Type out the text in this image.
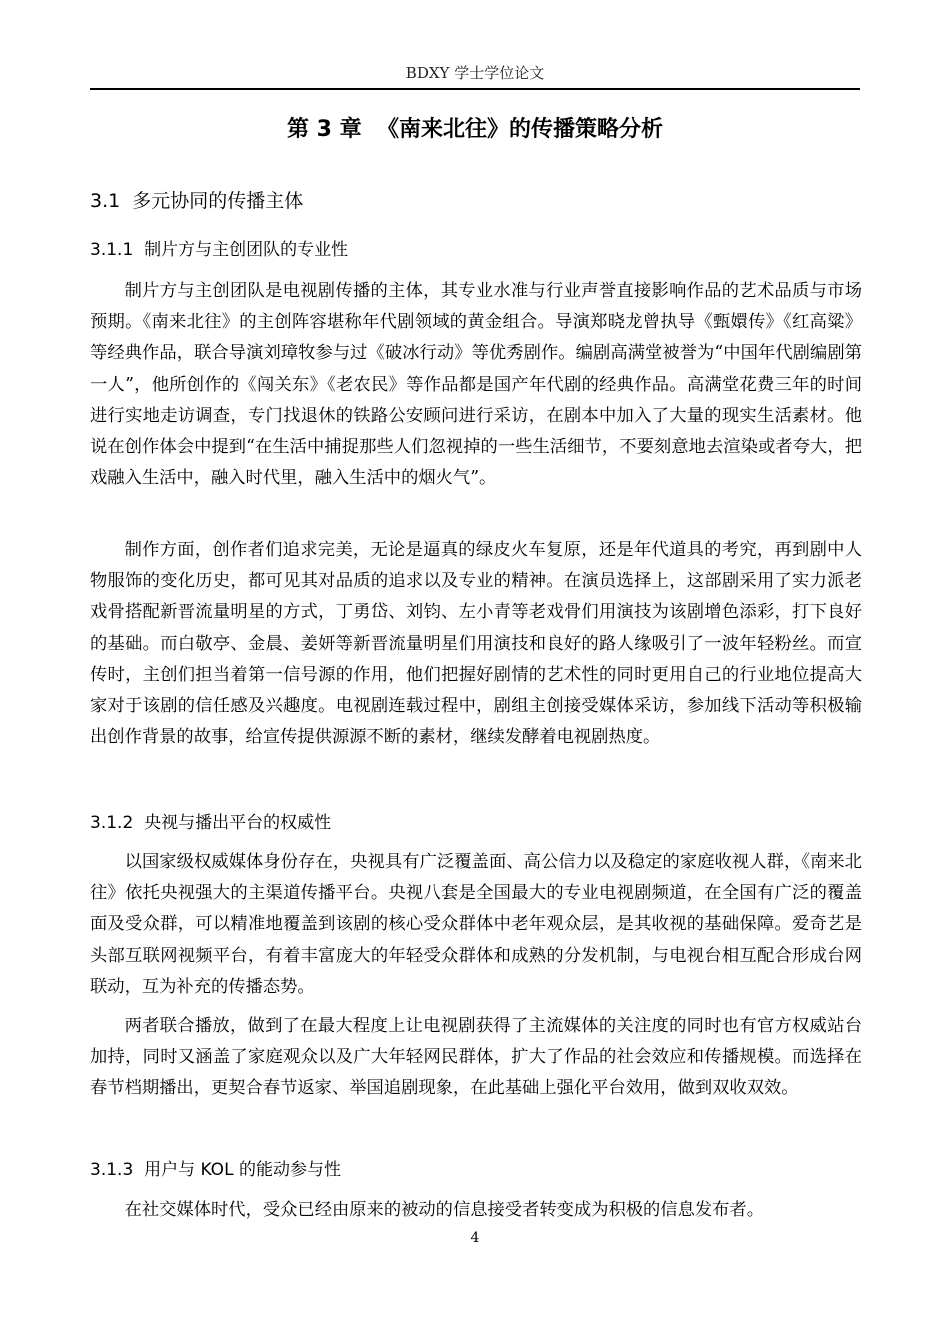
BDXY 学士学位论文
第 3 章  《南来北往》的传播策略分析
3.1  多元协同的传播主体
3.1.1  制片方与主创团队的专业性

制片方与主创团队是电视剧传播的主体，其专业水准与行业声誉直接影响作品的艺术品质与市场预期。《南来北往》的主创阵容堪称年代剧领域的黄金组合。导演郑晓龙曾执导《甄嬛传》《红高粱》等经典作品，联合导演刘璋牧参与过《破冰行动》等优秀剧作。编剧高满堂被誉为“中国年代剧编剧第一人”，他所创作的《闯关东》《老农民》等作品都是国产年代剧的经典作品。高满堂花费三年的时间进行实地走访调查，专门找退休的铁路公安顾问进行采访，在剧本中加入了大量的现实生活素材。他说在创作体会中提到“在生活中捕捉那些人们忽视掉的一些生活细节，不要刻意地去渲染或者夸大，把戏融入生活中，融入时代里，融入生活中的烟火气”。

制作方面，创作者们追求完美，无论是逼真的绿皮火车复原，还是年代道具的考究，再到剧中人物服饰的变化历史，都可见其对品质的追求以及专业的精神。在演员选择上，这部剧采用了实力派老戏骨搭配新晋流量明星的方式，丁勇岱、刘钧、左小青等老戏骨们用演技为该剧增色添彩，打下良好的基础。而白敬亭、金晨、姜妍等新晋流量明星们用演技和良好的路人缘吸引了一波年轻粉丝。而宣传时，主创们担当着第一信号源的作用，他们把握好剧情的艺术性的同时更用自己的行业地位提高大家对于该剧的信任感及兴趣度。电视剧连载过程中，剧组主创接受媒体采访，参加线下活动等积极输出创作背景的故事，给宣传提供源源不断的素材，继续发酵着电视剧热度。

3.1.2  央视与播出平台的权威性

以国家级权威媒体身份存在，央视具有广泛覆盖面、高公信力以及稳定的家庭收视人群，《南来北往》依托央视强大的主渠道传播平台。央视八套是全国最大的专业电视剧频道，在全国有广泛的覆盖面及受众群，可以精准地覆盖到该剧的核心受众群体中老年观众层，是其收视的基础保障。爱奇艺是头部互联网视频平台，有着丰富庞大的年轻受众群体和成熟的分发机制，与电视台相互配合形成台网联动，互为补充的传播态势。

两者联合播放，做到了在最大程度上让电视剧获得了主流媒体的关注度的同时也有官方权威站台加持，同时又涵盖了家庭观众以及广大年轻网民群体，扩大了作品的社会效应和传播规模。而选择在春节档期播出，更契合春节返家、举国追剧现象，在此基础上强化平台效用，做到双收双效。

3.1.3  用户与 KOL 的能动参与性

在社交媒体时代，受众已经由原来的被动的信息接受者转变成为积极的信息发布者。

4
